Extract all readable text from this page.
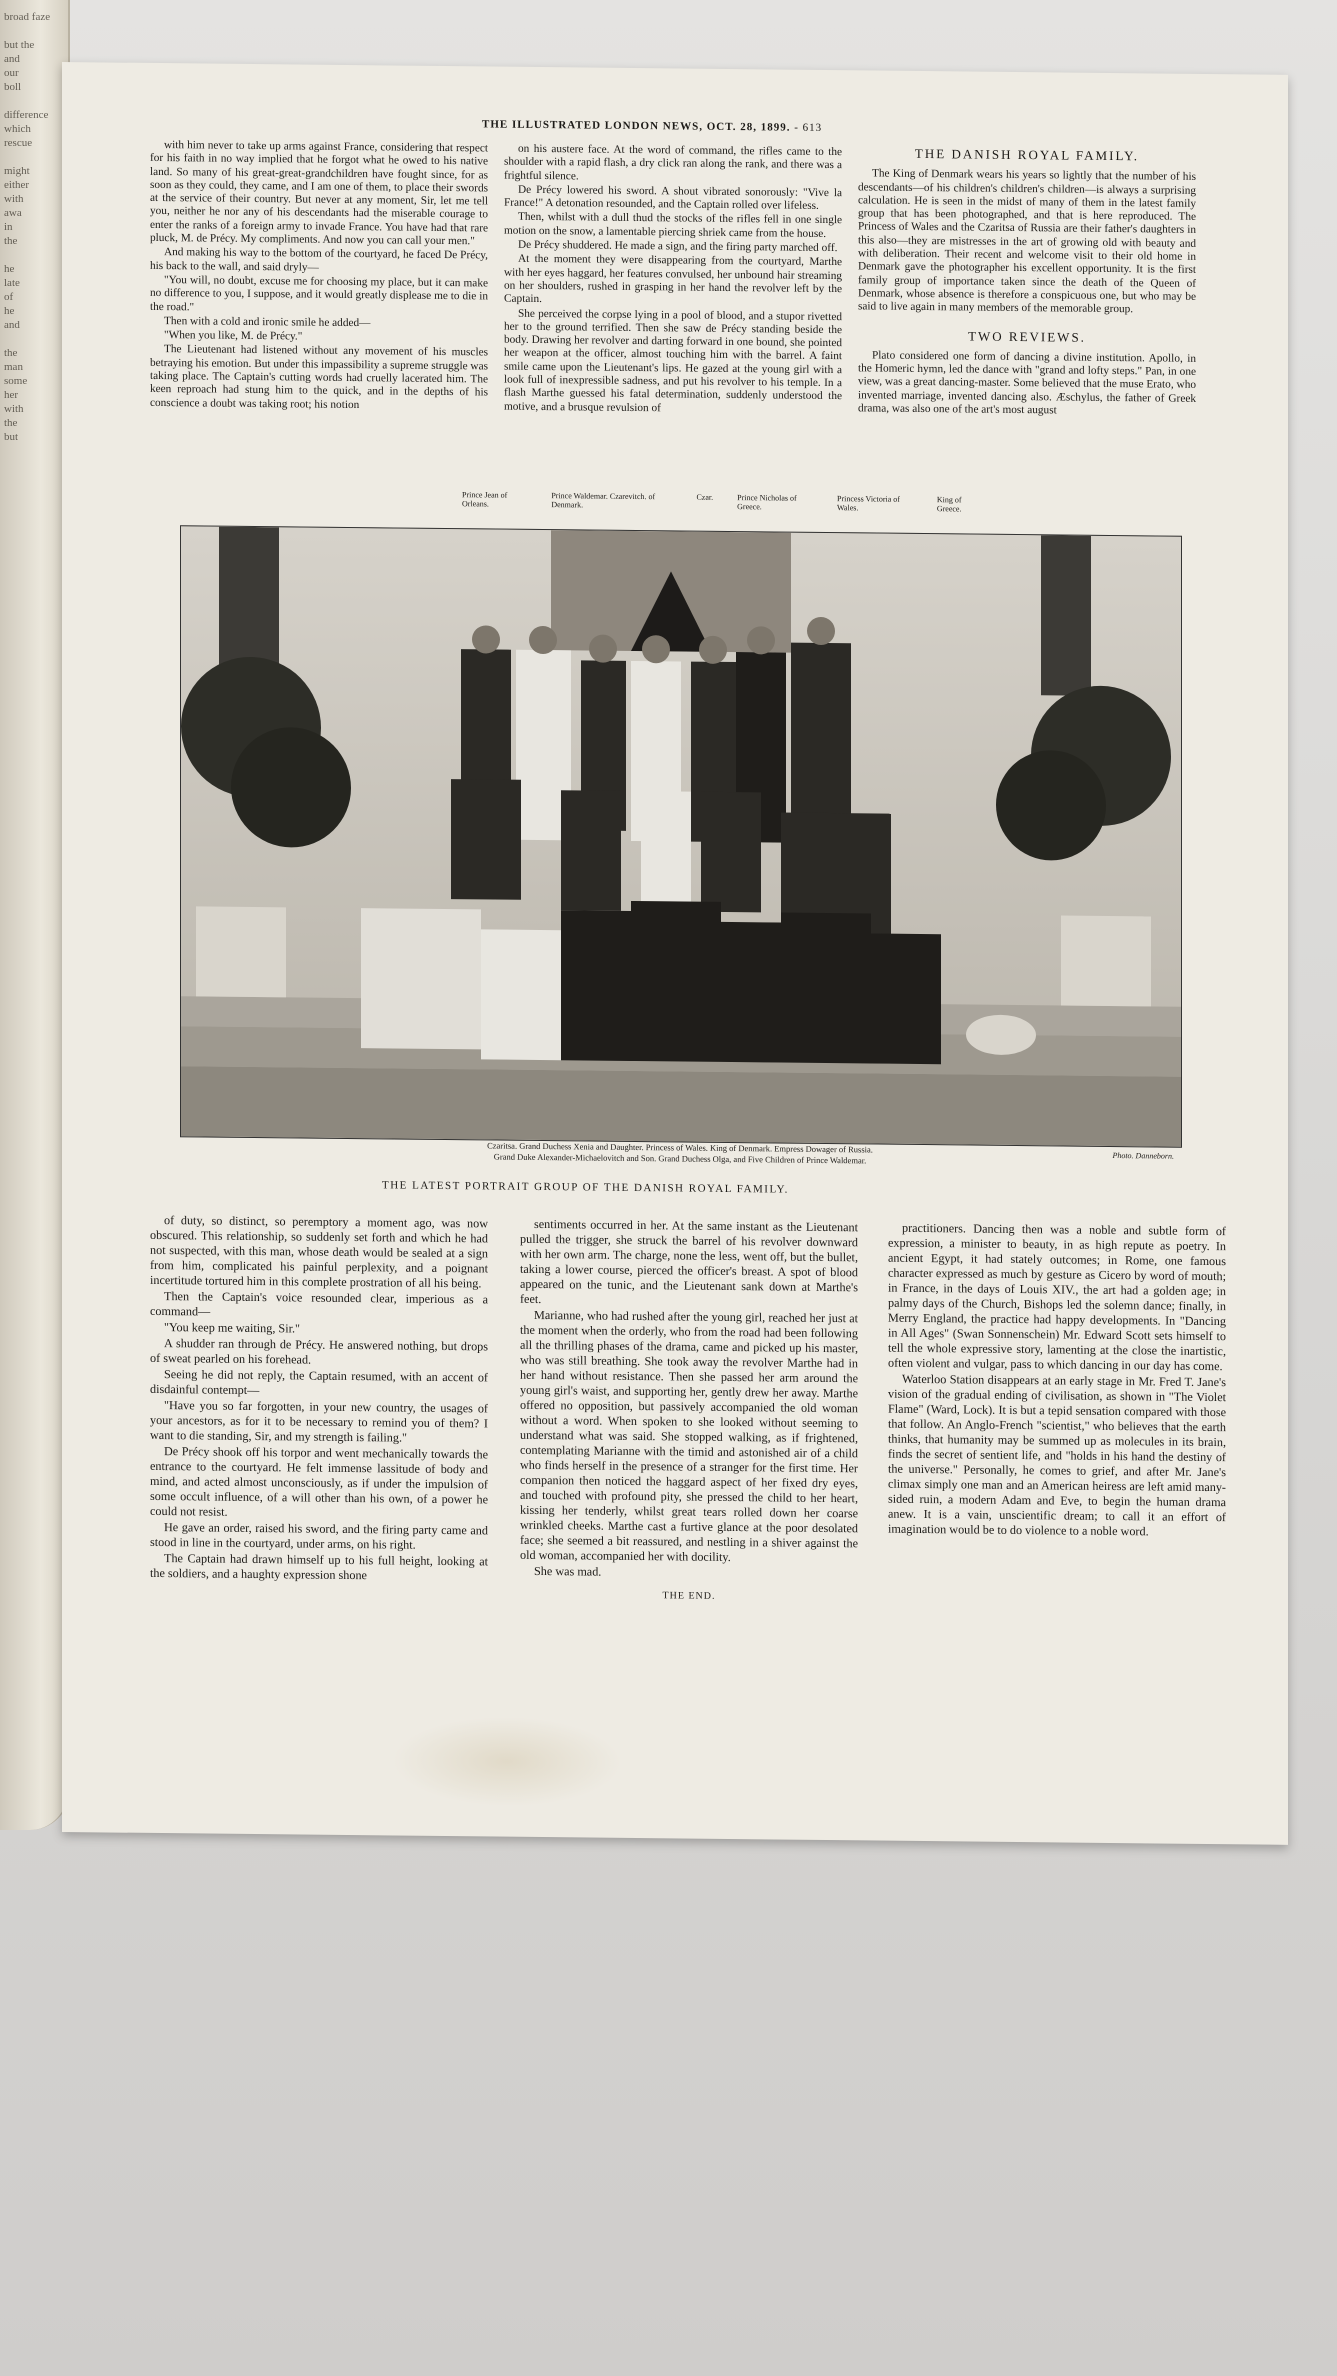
broad faze

but the
and
our
boll

difference
which
rescue

might
either
with
awa
in
the

he
late
of
he
and

the
man
some
her
with
the
but
THE ILLUSTRATED LONDON NEWS, OCT. 28, 1899. - 613

with him never to take up arms against France, considering that respect for his faith in no way implied that he forgot what he owed to his native land. So many of his great-great-grandchildren have fought since, for as soon as they could, they came, and I am one of them, to place their swords at the service of their country. But never at any moment, Sir, let me tell you, neither he nor any of his descendants had the miserable courage to enter the ranks of a foreign army to invade France. You have had that rare pluck, M. de Précy. My compliments. And now you can call your men."

And making his way to the bottom of the courtyard, he faced De Précy, his back to the wall, and said dryly—

"You will, no doubt, excuse me for choosing my place, but it can make no difference to you, I suppose, and it would greatly displease me to die in the road."

Then with a cold and ironic smile he added—

"When you like, M. de Précy."

The Lieutenant had listened without any movement of his muscles betraying his emotion. But under this impassibility a supreme struggle was taking place. The Captain's cutting words had cruelly lacerated him. The keen reproach had stung him to the quick, and in the depths of his conscience a doubt was taking root; his notion

on his austere face. At the word of command, the rifles came to the shoulder with a rapid flash, a dry click ran along the rank, and there was a frightful silence.

De Précy lowered his sword. A shout vibrated sonorously: "Vive la France!" A detonation resounded, and the Captain rolled over lifeless.

Then, whilst with a dull thud the stocks of the rifles fell in one single motion on the snow, a lamentable piercing shriek came from the house.

De Précy shuddered. He made a sign, and the firing party marched off.

At the moment they were disappearing from the courtyard, Marthe with her eyes haggard, her features convulsed, her unbound hair streaming on her shoulders, rushed in grasping in her hand the revolver left by the Captain.

She perceived the corpse lying in a pool of blood, and a stupor rivetted her to the ground terrified. Then she saw de Précy standing beside the body. Drawing her revolver and darting forward in one bound, she pointed her weapon at the officer, almost touching him with the barrel. A faint smile came upon the Lieutenant's lips. He gazed at the young girl with a look full of inexpressible sadness, and put his revolver to his temple. In a flash Marthe guessed his fatal determination, suddenly understood the motive, and a brusque revulsion of

THE DANISH ROYAL FAMILY.

The King of Denmark wears his years so lightly that the number of his descendants—of his children's children's children—is always a surprising calculation. He is seen in the midst of many of them in the latest family group that has been photographed, and that is here reproduced. The Princess of Wales and the Czaritsa of Russia are their father's daughters in this also—they are mistresses in the art of growing old with beauty and with deliberation. Their recent and welcome visit to their old home in Denmark gave the photographer his excellent opportunity. It is the first family group of importance taken since the death of the Queen of Denmark, whose absence is therefore a conspicuous one, but who may be said to live again in many members of the memorable group.

TWO REVIEWS.

Plato considered one form of dancing a divine institution. Apollo, in the Homeric hymn, led the dance with "grand and lofty steps." Pan, in one view, was a great dancing-master. Some believed that the muse Erato, who invented marriage, invented dancing also. Æschylus, the father of Greek drama, was also one of the art's most august

Prince Jean of Orleans.
Prince Waldemar. Czarevitch. of Denmark.
Czar.	Prince Nicholas of Greece.
Princess Victoria of Wales.
King of Greece.
Photo. Danneborn.
Czaritsa. Grand Duchess Xenia and Daughter. Princess of Wales. King of Denmark. Empress Dowager of Russia.
Grand Duke Alexander-Michaelovitch and Son. Grand Duchess Olga, and Five Children of Prince Waldemar.
THE LATEST PORTRAIT GROUP OF THE DANISH ROYAL FAMILY.

of duty, so distinct, so peremptory a moment ago, was now obscured. This relationship, so suddenly set forth and which he had not suspected, with this man, whose death would be sealed at a sign from him, complicated his painful perplexity, and a poignant incertitude tortured him in this complete prostration of all his being.

Then the Captain's voice resounded clear, imperious as a command—

"You keep me waiting, Sir."

A shudder ran through de Précy. He answered nothing, but drops of sweat pearled on his forehead.

Seeing he did not reply, the Captain resumed, with an accent of disdainful contempt—

"Have you so far forgotten, in your new country, the usages of your ancestors, as for it to be necessary to remind you of them? I want to die standing, Sir, and my strength is failing."

De Précy shook off his torpor and went mechanically towards the entrance to the courtyard. He felt immense lassitude of body and mind, and acted almost unconsciously, as if under the impulsion of some occult influence, of a will other than his own, of a power he could not resist.

He gave an order, raised his sword, and the firing party came and stood in line in the courtyard, under arms, on his right.

The Captain had drawn himself up to his full height, looking at the soldiers, and a haughty expression shone

sentiments occurred in her. At the same instant as the Lieutenant pulled the trigger, she struck the barrel of his revolver downward with her own arm. The charge, none the less, went off, but the bullet, taking a lower course, pierced the officer's breast. A spot of blood appeared on the tunic, and the Lieutenant sank down at Marthe's feet.

Marianne, who had rushed after the young girl, reached her just at the moment when the orderly, who from the road had been following all the thrilling phases of the drama, came and picked up his master, who was still breathing. She took away the revolver Marthe had in her hand without resistance. Then she passed her arm around the young girl's waist, and supporting her, gently drew her away. Marthe offered no opposition, but passively accompanied the old woman without a word. When spoken to she looked without seeming to understand what was said. She stopped walking, as if frightened, contemplating Marianne with the timid and astonished air of a child who finds herself in the presence of a stranger for the first time. Her companion then noticed the haggard aspect of her fixed dry eyes, and touched with profound pity, she pressed the child to her heart, kissing her tenderly, whilst great tears rolled down her coarse wrinkled cheeks. Marthe cast a furtive glance at the poor desolated face; she seemed a bit reassured, and nestling in a shiver against the old woman, accompanied her with docility.

She was mad.

THE END.

practitioners. Dancing then was a noble and subtle form of expression, a minister to beauty, in as high repute as poetry. In ancient Egypt, it had stately outcomes; in Rome, one famous character expressed as much by gesture as Cicero by word of mouth; in France, in the days of Louis XIV., the art had a golden age; in palmy days of the Church, Bishops led the solemn dance; finally, in Merry England, the practice had happy developments. In "Dancing in All Ages" (Swan Sonnenschein) Mr. Edward Scott sets himself to tell the whole expressive story, lamenting at the close the inartistic, often violent and vulgar, pass to which dancing in our day has come.

Waterloo Station disappears at an early stage in Mr. Fred T. Jane's vision of the gradual ending of civilisation, as shown in "The Violet Flame" (Ward, Lock). It is but a tepid sensation compared with those that follow. An Anglo-French "scientist," who believes that the earth thinks, that humanity may be summed up as molecules in its brain, finds the secret of sentient life, and "holds in his hand the destiny of the universe." Personally, he comes to grief, and after Mr. Jane's climax simply one man and an American heiress are left amid many-sided ruin, a modern Adam and Eve, to begin the human drama anew. It is a vain, unscientific dream; to call it an effort of imagination would be to do violence to a noble word.
